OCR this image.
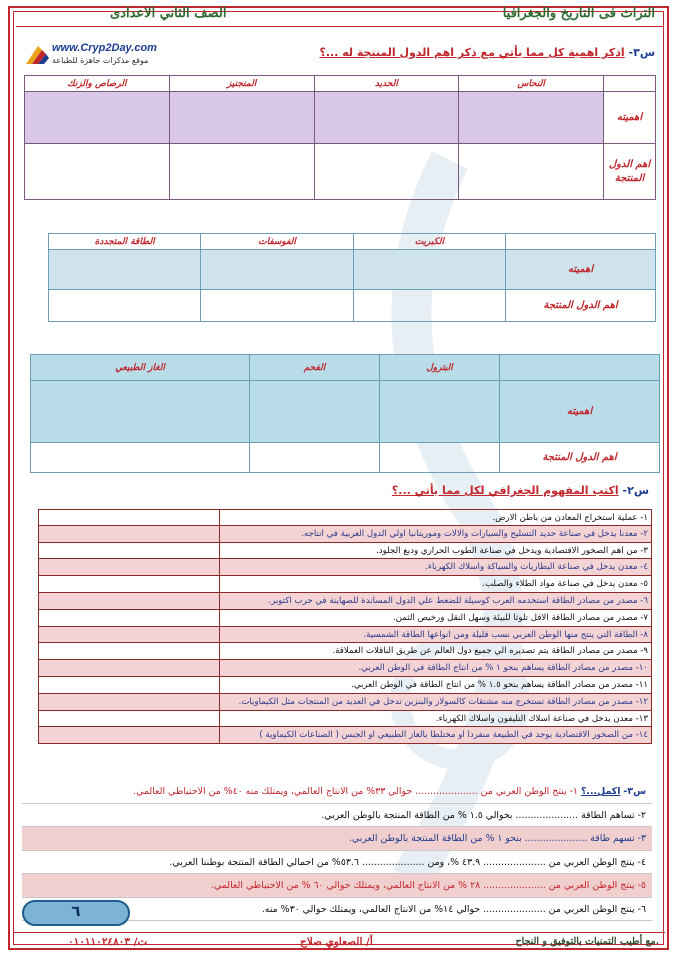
التراث فى التاريخ والجغرافيا
الصف الثاني الاعدادى
www.Cryp2Day.com
موقع مذكرات جاهزة للطباعة
س٣- اذكر اهمية كل مما يأتي مع ذكر اهم الدول المنتجة له ...؟
	النحاس	الحديد	المنجنيز	الرصاص والزنك
اهميته				
اهم الدول المنتجة				
	الكبريت	الفوسفات	الطاقة المتجددة
اهميته			
اهم الدول المنتجة			
	البترول	الفحم	الغاز الطبيعي
اهميته			
اهم الدول المنتجة			
س٢- اكتب المفهوم الجغرافي لكل مما يأتي ...؟
١- عملية استخراج المعادن من باطن الارض.
٢- معدنا يدخل في صناعة حديد التسليح والسيارات والالات وموريتانيا اولي الدول العربية في انتاجه.
٣- من اهم الصخور الاقتصادية ويدخل في صناعة الطوب الحراري ودبغ الجلود.
٤- معدن يدخل في صناعة البطاريات والسباكة واسلاك الكهرباء.
٥- معدن يدخل في صناعة مواد الطلاء والصلب.
٦- مصدر من مصادر الطاقة استخدمه العرب كوسيلة للضغط علي الدول المساندة للصهاينة في حرب اكتوبر.
٧- مصدر من مصادر الطاقة الاقل تلوثا للبيئة وسهل النقل ورخيص الثمن.
٨- الطاقة التي ينتج منها الوطن العربي نسب قليلة ومن انواعها الطاقة الشمسية.
٩- مصدر من مصادر الطاقة يتم تصديره الي جميع دول العالم عن طريق الناقلات العملاقة.
١٠- مصدر من مصادر الطاقة يساهم بنحو ١ % من انتاج الطاقة في الوطن العربي.
١١- مصدر من مصادر الطاقة يساهم بنحو ١.٥ % من انتاج الطاقة في الوطن العربي.
١٢- مصدر من مصادر الطاقة تستخرج منه مشتقات كالسولار والبنزين تدخل في العديد من المنتجات مثل الكيماويات.
١٣- معدن يدخل في صناعة اسلاك التليفون واسلاك الكهرباء.
١٤- من الصخور الاقتصادية يوجد في الطبيعة منفردا او مختلطا بالغاز الطبيعي او الجبس ( الصناعات الكيماوية )
س٣- اكمل...؟ ١- ينتج الوطن العربي من ..................... حوالي ٣٣% من الانتاج العالمي، ويمتلك منه ٤٠% من الاحتياطي العالمي.
٢- تساهم الطاقة ..................... بحوالي ١.٥ % من الطاقة المنتجة بالوطن العربي.
٣- تسهم طاقة ..................... بنحو ١ % من الطاقة المنتجة بالوطن العربي.
٤- ينتج الوطن العربي من ..................... ٤٣.٩ %، ومن ..................... ٥٣.٦% من اجمالي الطاقة المنتجة بوطننا العربي.
٥- ينتج الوطن العربي من ..................... ٢٨ % من الانتاج العالمي، ويمتلك حوالي ٦٠ % من الاحتياطي العالمي.
٦- ينتج الوطن العربي من ..................... حوالي ١٤% من الانتاج العالمي، ويمتلك حوالي ٣٠% منه.
٦
مع أطيب التمنيات بالتوفيق و النجاح.
أ/ الصعاوي صلاح
ت/ ٠١٠١١٠٢٤٨٠٣
